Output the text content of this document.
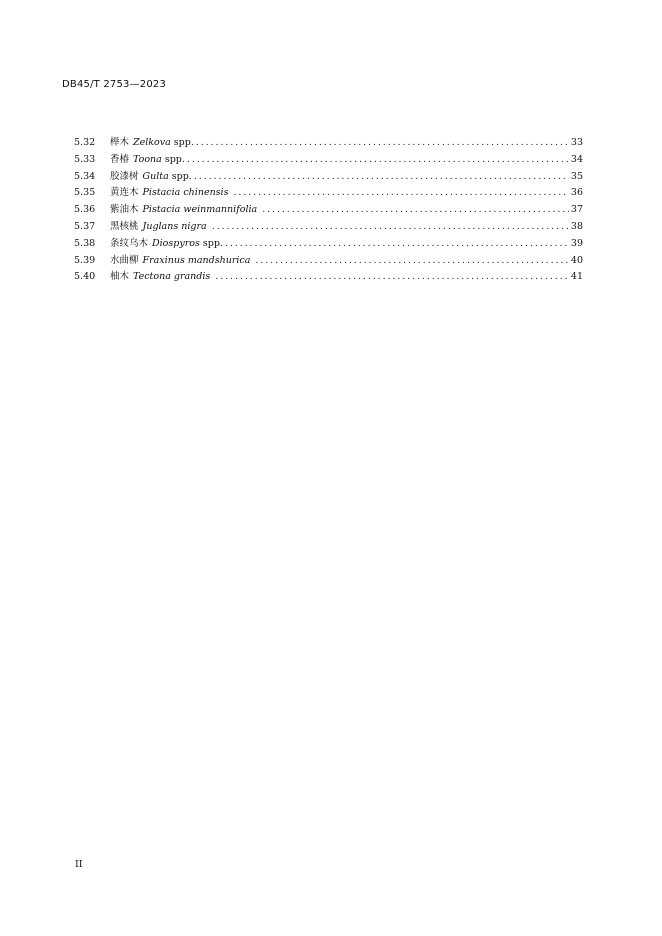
DB45/T 2753—2023
5.32	榉木 Zelkova spp. .....	33
5.33	香椿 Toona spp. .....	34
5.34	胶漆树 Gulta spp. .....	35
5.35	黄连木 Pistacia chinensis .....	36
5.36	紫油木 Pistacia weinmannifolia .....	37
5.37	黑核桃 Juglans nigra .....	38
5.38	条纹乌木 Diospyros spp. .....	39
5.39	水曲柳 Fraxinus mandshurica .....	40
5.40	柚木 Tectona grandis .....	41
II
